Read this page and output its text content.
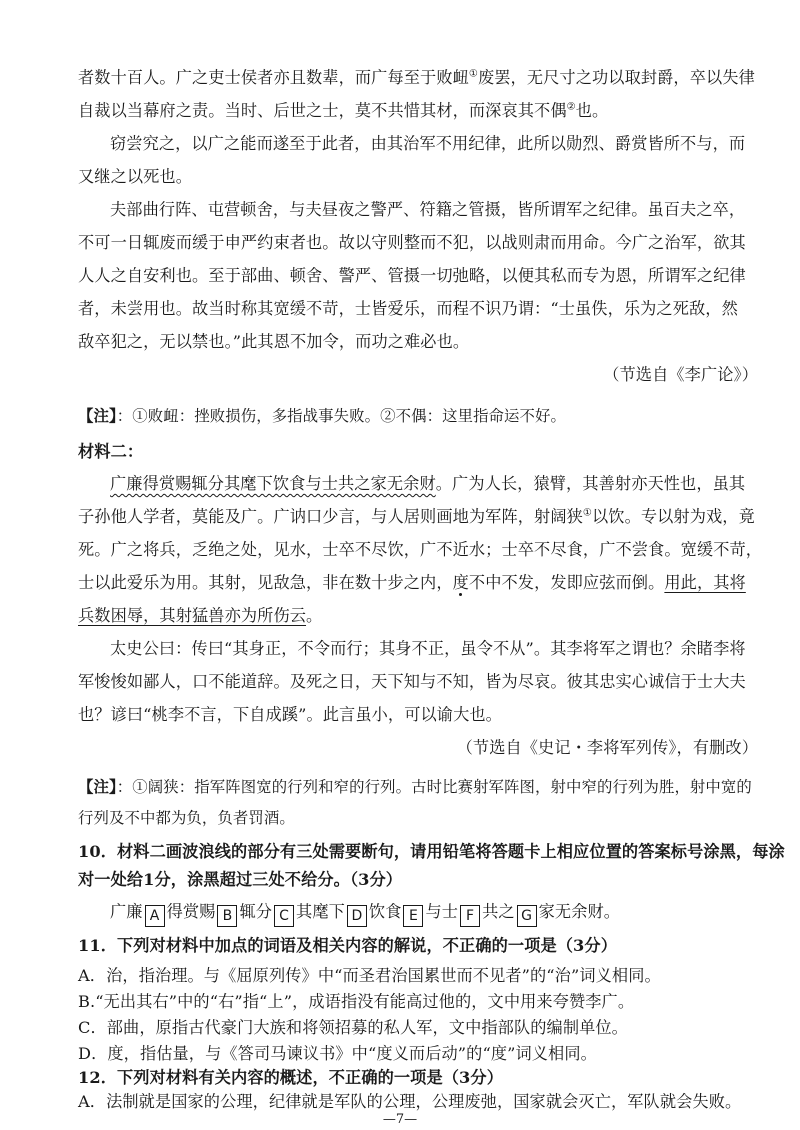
者数十百人。广之吏士侯者亦且数辈，而广每至于败衄①废罢，无尺寸之功以取封爵，卒以失律
自裁以当幕府之责。当时、后世之士，莫不共惜其材，而深哀其不偶②也。
窃尝究之，以广之能而遂至于此者，由其治军不用纪律，此所以勋烈、爵赏皆所不与，而
又继之以死也。
夫部曲行阵、屯营顿舍，与夫昼夜之警严、符籍之管摄，皆所谓军之纪律。虽百夫之卒，
不可一日辄废而缓于申严约束者也。故以守则整而不犯，以战则肃而用命。今广之治军，欲其
人人之自安利也。至于部曲、顿舍、警严、管摄一切弛略，以便其私而专为恩，所谓军之纪律
者，未尝用也。故当时称其宽缓不苛，士皆爱乐，而程不识乃谓：“士虽佚，乐为之死敌，然
敌卒犯之，无以禁也。”此其恩不加令，而功之难必也。
（节选自《李广论》）
【注】：①败衄：挫败损伤，多指战事失败。②不偶：这里指命运不好。
材料二：
广廉得赏赐辄分其麾下饮食与士共之家无余财。广为人长，猿臂，其善射亦天性也，虽其
子孙他人学者，莫能及广。广讷口少言，与人居则画地为军阵，射阔狭①以饮。专以射为戏，竟
死。广之将兵，乏绝之处，见水，士卒不尽饮，广不近水；士卒不尽食，广不尝食。宽缓不苛，
士以此爱乐为用。其射，见敌急，非在数十步之内，度不中不发，发即应弦而倒。用此，其将
兵数困辱，其射猛兽亦为所伤云。
太史公曰：传曰“其身正，不令而行；其身不正，虽令不从”。其李将军之谓也？余睹李将
军悛悛如鄙人，口不能道辞。及死之日，天下知与不知，皆为尽哀。彼其忠实心诚信于士大夫
也？谚曰“桃李不言，下自成蹊”。此言虽小，可以谕大也。
（节选自《史记・李将军列传》，有删改）
【注】：①阔狭：指军阵图宽的行列和窄的行列。古时比赛射军阵图，射中窄的行列为胜，射中宽的
行列及不中都为负，负者罚酒。
10．材料二画波浪线的部分有三处需要断句，请用铅笔将答题卡上相应位置的答案标号涂黑，每涂
对一处给1分，涂黑超过三处不给分。（3分）
广廉 A 得赏赐 B 辄分 C 其麾下 D 饮食 E 与士 F 共之 G 家无余财。
11．下列对材料中加点的词语及相关内容的解说，不正确的一项是（3分）
A．治，指治理。与《屈原列传》中“而圣君治国累世而不见者”的“治”词义相同。
B.“无出其右”中的“右”指“上”，成语指没有能高过他的，文中用来夸赞李广。
C．部曲，原指古代豪门大族和将领招募的私人军，文中指部队的编制单位。
D．度，指估量，与《答司马谏议书》中“度义而后动”的“度”词义相同。
—7—
12．下列对材料有关内容的概述，不正确的一项是（3分）
A．法制就是国家的公理，纪律就是军队的公理，公理废弛，国家就会灭亡，军队就会失败。
